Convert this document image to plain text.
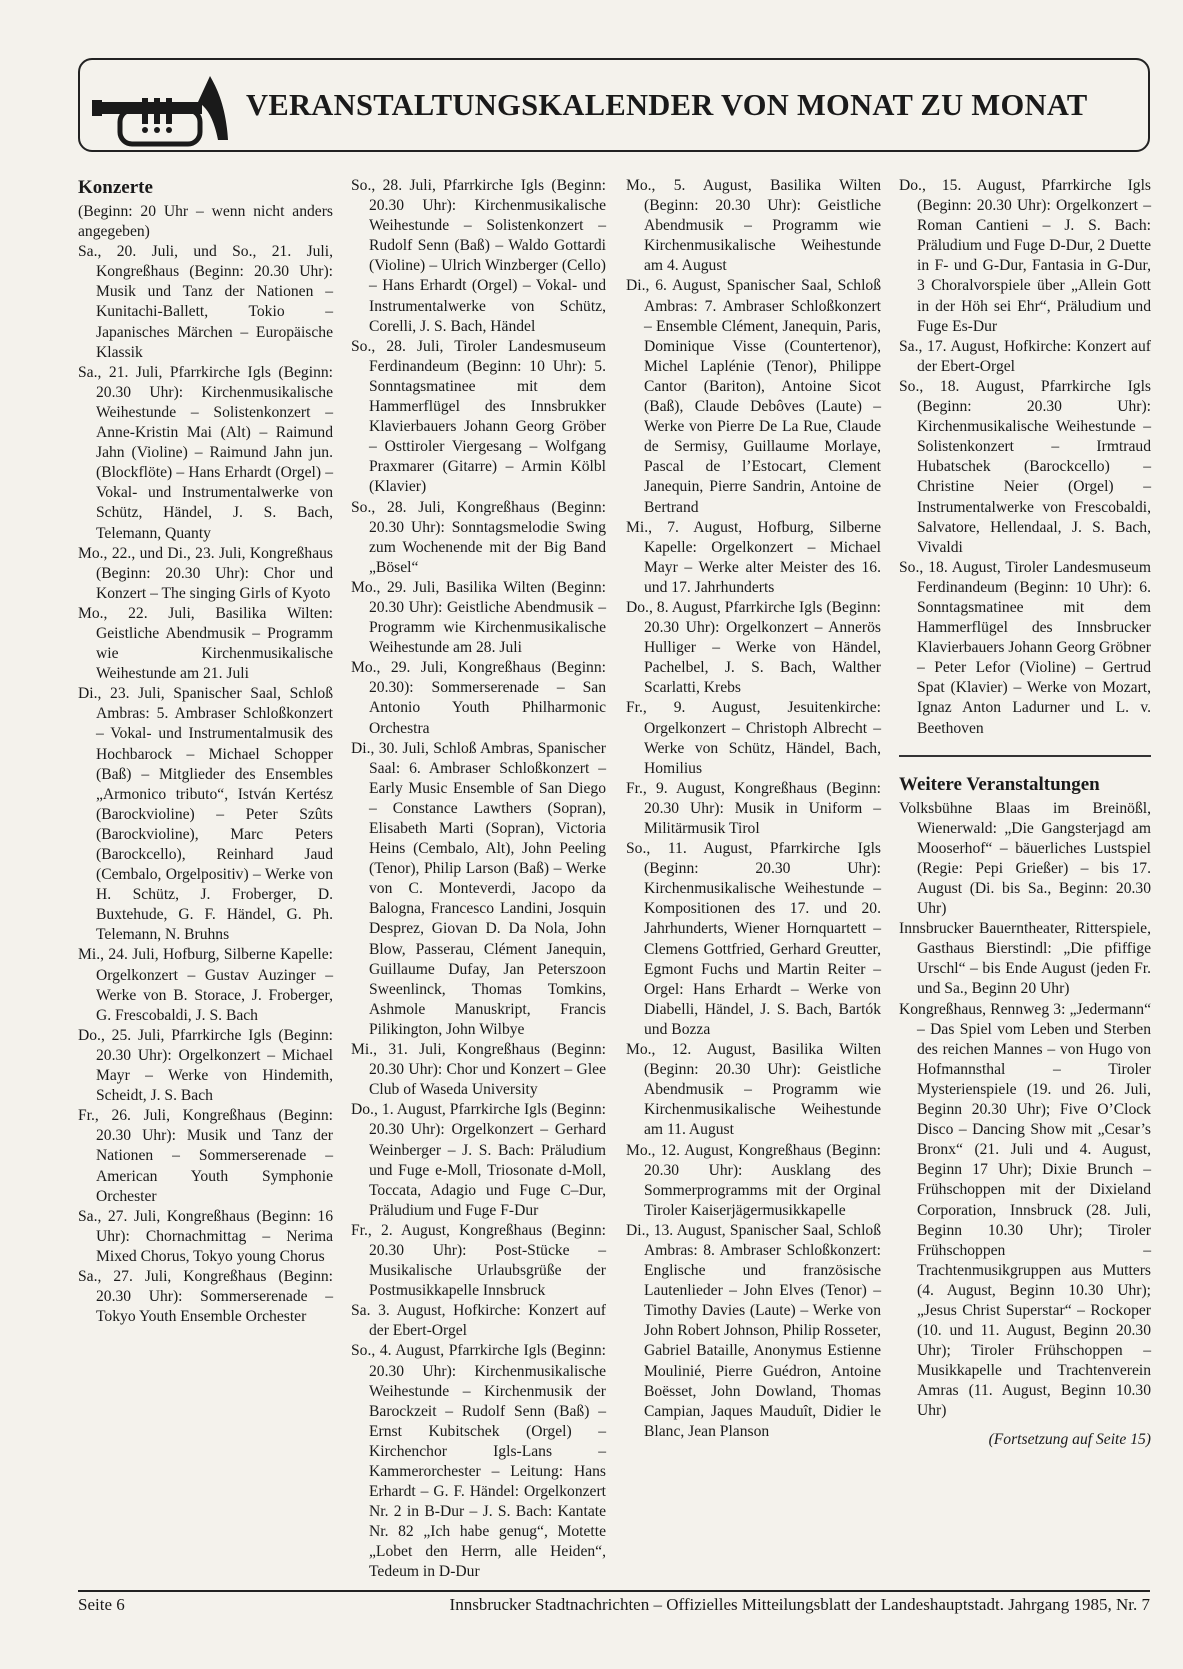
VERANSTALTUNGSKALENDER VON MONAT ZU MONAT
Konzerte
(Beginn: 20 Uhr – wenn nicht anders angegeben)
Sa., 20. Juli, und So., 21. Juli, Kongreßhaus (Beginn: 20.30 Uhr): Musik und Tanz der Nationen – Kunitachi-Ballett, Tokio – Japanisches Märchen – Europäische Klassik
Sa., 21. Juli, Pfarrkirche Igls (Beginn: 20.30 Uhr): Kirchenmusikalische Weihestunde – Solistenkonzert – Anne-Kristin Mai (Alt) – Raimund Jahn (Violine) – Raimund Jahn jun. (Blockflöte) – Hans Erhardt (Orgel) – Vokal- und Instrumentalwerke von Schütz, Händel, J. S. Bach, Telemann, Quanty
Mo., 22., und Di., 23. Juli, Kongreßhaus (Beginn: 20.30 Uhr): Chor und Konzert – The singing Girls of Kyoto
Mo., 22. Juli, Basilika Wilten: Geistliche Abendmusik – Programm wie Kirchenmusikalische Weihestunde am 21. Juli
Di., 23. Juli, Spanischer Saal, Schloß Ambras: 5. Ambraser Schloßkonzert – Vokal- und Instrumentalmusik des Hochbarock – Michael Schopper (Baß) – Mitglieder des Ensembles „Armonico tributo“, István Kertész (Barockvioline) – Peter Szûts (Barockvioline), Marc Peters (Barockcello), Reinhard Jaud (Cembalo, Orgelpositiv) – Werke von H. Schütz, J. Froberger, D. Buxtehude, G. F. Händel, G. Ph. Telemann, N. Bruhns
Mi., 24. Juli, Hofburg, Silberne Kapelle: Orgelkonzert – Gustav Auzinger – Werke von B. Storace, J. Froberger, G. Frescobaldi, J. S. Bach
Do., 25. Juli, Pfarrkirche Igls (Beginn: 20.30 Uhr): Orgelkonzert – Michael Mayr – Werke von Hindemith, Scheidt, J. S. Bach
Fr., 26. Juli, Kongreßhaus (Beginn: 20.30 Uhr): Musik und Tanz der Nationen – Sommerserenade – American Youth Symphonie Orchester
Sa., 27. Juli, Kongreßhaus (Beginn: 16 Uhr): Chornachmittag – Nerima Mixed Chorus, Tokyo young Chorus
Sa., 27. Juli, Kongreßhaus (Beginn: 20.30 Uhr): Sommerserenade – Tokyo Youth Ensemble Orchester
So., 28. Juli, Pfarrkirche Igls (Beginn: 20.30 Uhr): Kirchenmusikalische Weihestunde – Solistenkonzert – Rudolf Senn (Baß) – Waldo Gottardi (Violine) – Ulrich Winzberger (Cello) – Hans Erhardt (Orgel) – Vokal- und Instrumentalwerke von Schütz, Corelli, J. S. Bach, Händel
So., 28. Juli, Tiroler Landesmuseum Ferdinandeum (Beginn: 10 Uhr): 5. Sonntagsmatinee mit dem Hammerflügel des Innsbrukker Klavierbauers Johann Georg Gröber – Osttiroler Viergesang – Wolfgang Praxmarer (Gitarre) – Armin Kölbl (Klavier)
So., 28. Juli, Kongreßhaus (Beginn: 20.30 Uhr): Sonntagsmelodie Swing zum Wochenende mit der Big Band „Bösel“
Mo., 29. Juli, Basilika Wilten (Beginn: 20.30 Uhr): Geistliche Abendmusik – Programm wie Kirchenmusikalische Weihestunde am 28. Juli
Mo., 29. Juli, Kongreßhaus (Beginn: 20.30): Sommerserenade – San Antonio Youth Philharmonic Orchestra
Di., 30. Juli, Schloß Ambras, Spanischer Saal: 6. Ambraser Schloßkonzert – Early Music Ensemble of San Diego – Constance Lawthers (Sopran), Elisabeth Marti (Sopran), Victoria Heins (Cembalo, Alt), John Peeling (Tenor), Philip Larson (Baß) – Werke von C. Monteverdi, Jacopo da Balogna, Francesco Landini, Josquin Desprez, Giovan D. Da Nola, John Blow, Passerau, Clément Janequin, Guillaume Dufay, Jan Peterszoon Sweenlinck, Thomas Tomkins, Ashmole Manuskript, Francis Pilikington, John Wilbye
Mi., 31. Juli, Kongreßhaus (Beginn: 20.30 Uhr): Chor und Konzert – Glee Club of Waseda University
Do., 1. August, Pfarrkirche Igls (Beginn: 20.30 Uhr): Orgelkonzert – Gerhard Weinberger – J. S. Bach: Präludium und Fuge e-Moll, Triosonate d-Moll, Toccata, Adagio und Fuge C–Dur, Präludium und Fuge F-Dur
Fr., 2. August, Kongreßhaus (Beginn: 20.30 Uhr): Post-Stücke – Musikalische Urlaubsgrüße der Postmusikkapelle Innsbruck
Sa. 3. August, Hofkirche: Konzert auf der Ebert-Orgel
So., 4. August, Pfarrkirche Igls (Beginn: 20.30 Uhr): Kirchenmusikalische Weihestunde – Kirchenmusik der Barockzeit – Rudolf Senn (Baß) – Ernst Kubitschek (Orgel) – Kirchenchor Igls-Lans – Kammerorchester – Leitung: Hans Erhardt – G. F. Händel: Orgelkonzert Nr. 2 in B-Dur – J. S. Bach: Kantate Nr. 82 „Ich habe genug“, Motette „Lobet den Herrn, alle Heiden“, Tedeum in D-Dur
Mo., 5. August, Basilika Wilten (Beginn: 20.30 Uhr): Geistliche Abendmusik – Programm wie Kirchenmusikalische Weihestunde am 4. August
Di., 6. August, Spanischer Saal, Schloß Ambras: 7. Ambraser Schloßkonzert – Ensemble Clément, Janequin, Paris, Dominique Visse (Countertenor), Michel Laplénie (Tenor), Philippe Cantor (Bariton), Antoine Sicot (Baß), Claude Debôves (Laute) – Werke von Pierre De La Rue, Claude de Sermisy, Guillaume Morlaye, Pascal de l’Estocart, Clement Janequin, Pierre Sandrin, Antoine de Bertrand
Mi., 7. August, Hofburg, Silberne Kapelle: Orgelkonzert – Michael Mayr – Werke alter Meister des 16. und 17. Jahrhunderts
Do., 8. August, Pfarrkirche Igls (Beginn: 20.30 Uhr): Orgelkonzert – Annerös Hulliger – Werke von Händel, Pachelbel, J. S. Bach, Walther Scarlatti, Krebs
Fr., 9. August, Jesuitenkirche: Orgelkonzert – Christoph Albrecht – Werke von Schütz, Händel, Bach, Homilius
Fr., 9. August, Kongreßhaus (Beginn: 20.30 Uhr): Musik in Uniform – Militärmusik Tirol
So., 11. August, Pfarrkirche Igls (Beginn: 20.30 Uhr): Kirchenmusikalische Weihestunde – Kompositionen des 17. und 20. Jahrhunderts, Wiener Hornquartett – Clemens Gottfried, Gerhard Greutter, Egmont Fuchs und Martin Reiter – Orgel: Hans Erhardt – Werke von Diabelli, Händel, J. S. Bach, Bartók und Bozza
Mo., 12. August, Basilika Wilten (Beginn: 20.30 Uhr): Geistliche Abendmusik – Programm wie Kirchenmusikalische Weihestunde am 11. August
Mo., 12. August, Kongreßhaus (Beginn: 20.30 Uhr): Ausklang des Sommerprogramms mit der Orginal Tiroler Kaiserjägermusikkapelle
Di., 13. August, Spanischer Saal, Schloß Ambras: 8. Ambraser Schloßkonzert: Englische und französische Lautenlieder – John Elves (Tenor) – Timothy Davies (Laute) – Werke von John Robert Johnson, Philip Rosseter, Gabriel Bataille, Anonymus Estienne Moulinié, Pierre Guédron, Antoine Boësset, John Dowland, Thomas Campian, Jaques Mauduît, Didier le Blanc, Jean Planson
Do., 15. August, Pfarrkirche Igls (Beginn: 20.30 Uhr): Orgelkonzert – Roman Cantieni – J. S. Bach: Präludium und Fuge D-Dur, 2 Duette in F- und G-Dur, Fantasia in G-Dur, 3 Choralvorspiele über „Allein Gott in der Höh sei Ehr“, Präludium und Fuge Es-Dur
Sa., 17. August, Hofkirche: Konzert auf der Ebert-Orgel
So., 18. August, Pfarrkirche Igls (Beginn: 20.30 Uhr): Kirchenmusikalische Weihestunde – Solistenkonzert – Irmtraud Hubatschek (Barockcello) – Christine Neier (Orgel) – Instrumentalwerke von Frescobaldi, Salvatore, Hellendaal, J. S. Bach, Vivaldi
So., 18. August, Tiroler Landesmuseum Ferdinandeum (Beginn: 10 Uhr): 6. Sonntagsmatinee mit dem Hammerflügel des Innsbrucker Klavierbauers Johann Georg Gröbner – Peter Lefor (Violine) – Gertrud Spat (Klavier) – Werke von Mozart, Ignaz Anton Ladurner und L. v. Beethoven
Weitere Veranstaltungen
Volksbühne Blaas im Breinößl, Wienerwald: „Die Gangsterjagd am Mooserhof“ – bäuerliches Lustspiel (Regie: Pepi Grießer) – bis 17. August (Di. bis Sa., Beginn: 20.30 Uhr)
Innsbrucker Bauerntheater, Ritterspiele, Gasthaus Bierstindl: „Die pfiffige Urschl“ – bis Ende August (jeden Fr. und Sa., Beginn 20 Uhr)
Kongreßhaus, Rennweg 3: „Jedermann“ – Das Spiel vom Leben und Sterben des reichen Mannes – von Hugo von Hofmannsthal – Tiroler Mysterienspiele (19. und 26. Juli, Beginn 20.30 Uhr); Five O’Clock Disco – Dancing Show mit „Cesar’s Bronx“ (21. Juli und 4. August, Beginn 17 Uhr); Dixie Brunch – Frühschoppen mit der Dixieland Corporation, Innsbruck (28. Juli, Beginn 10.30 Uhr); Tiroler Frühschoppen – Trachtenmusikgruppen aus Mutters (4. August, Beginn 10.30 Uhr); „Jesus Christ Superstar“ – Rockoper (10. und 11. August, Beginn 20.30 Uhr); Tiroler Frühschoppen – Musikkapelle und Trachtenverein Amras (11. August, Beginn 10.30 Uhr)
(Fortsetzung auf Seite 15)
Seite 6	Innsbrucker Stadtnachrichten – Offizielles Mitteilungsblatt der Landeshauptstadt. Jahrgang 1985, Nr. 7
